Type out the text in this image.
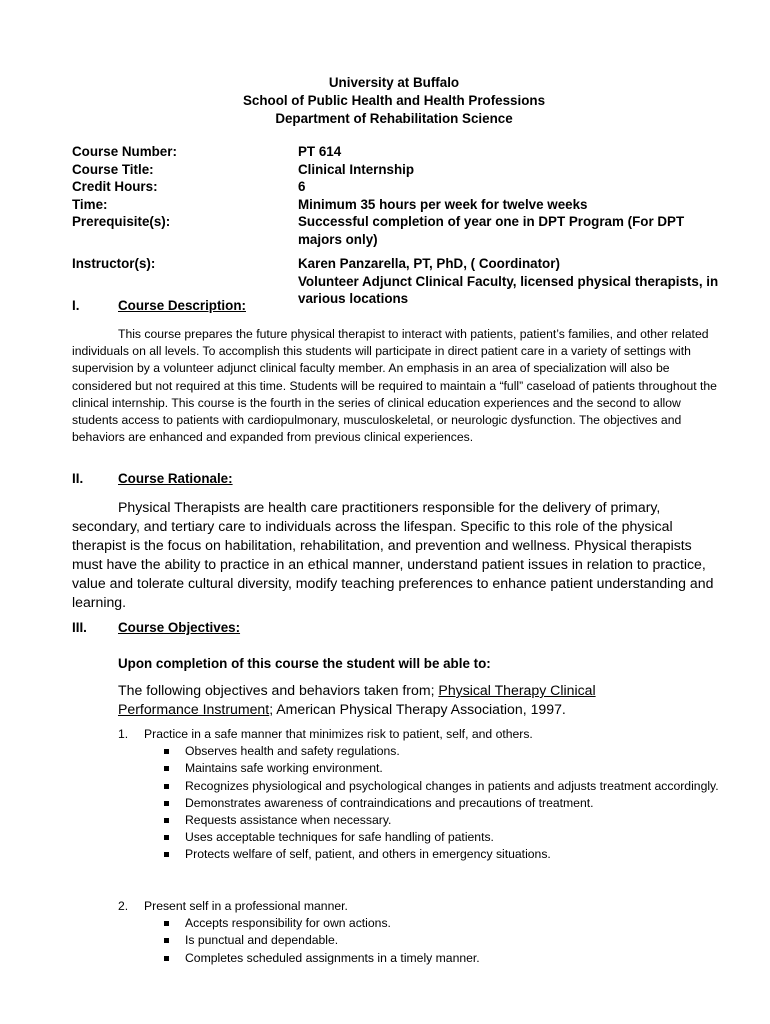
University at Buffalo
School of Public Health and Health Professions
Department of Rehabilitation Science
Course Number:	PT 614
Course Title:	Clinical Internship
Credit Hours:	6
Time:	Minimum 35 hours per week for twelve weeks
Prerequisite(s):	Successful completion of year one in DPT Program (For DPT majors only)
Instructor(s):	Karen Panzarella, PT, PhD, ( Coordinator)
Volunteer Adjunct Clinical Faculty, licensed physical therapists, in various locations
I.	Course Description:
This course prepares the future physical therapist to interact with patients, patient’s families, and other related individuals on all levels. To accomplish this students will participate in direct patient care in a variety of settings with supervision by a volunteer adjunct clinical faculty member. An emphasis in an area of specialization will also be considered but not required at this time. Students will be required to maintain a “full” caseload of patients throughout the clinical internship. This course is the fourth in the series of clinical education experiences and the second to allow students access to patients with cardiopulmonary, musculoskeletal, or neurologic dysfunction. The objectives and behaviors are enhanced and expanded from previous clinical experiences.
II.	Course Rationale:
Physical Therapists are health care practitioners responsible for the delivery of primary, secondary, and tertiary care to individuals across the lifespan. Specific to this role of the physical therapist is the focus on habilitation, rehabilitation, and prevention and wellness. Physical therapists must have the ability to practice in an ethical manner, understand patient issues in relation to practice, value and tolerate cultural diversity, modify teaching preferences to enhance patient understanding and learning.
III. Course Objectives:
Upon completion of this course the student will be able to:
The following objectives and behaviors taken from; Physical Therapy Clinical Performance Instrument; American Physical Therapy Association, 1997.
1.	Practice in a safe manner that minimizes risk to patient, self, and others.
Observes health and safety regulations.
Maintains safe working environment.
Recognizes physiological and psychological changes in patients and adjusts treatment accordingly.
Demonstrates awareness of contraindications and precautions of treatment.
Requests assistance when necessary.
Uses acceptable techniques for safe handling of patients.
Protects welfare of self, patient, and others in emergency situations.
2.	Present self in a professional manner.
Accepts responsibility for own actions.
Is punctual and dependable.
Completes scheduled assignments in a timely manner.
